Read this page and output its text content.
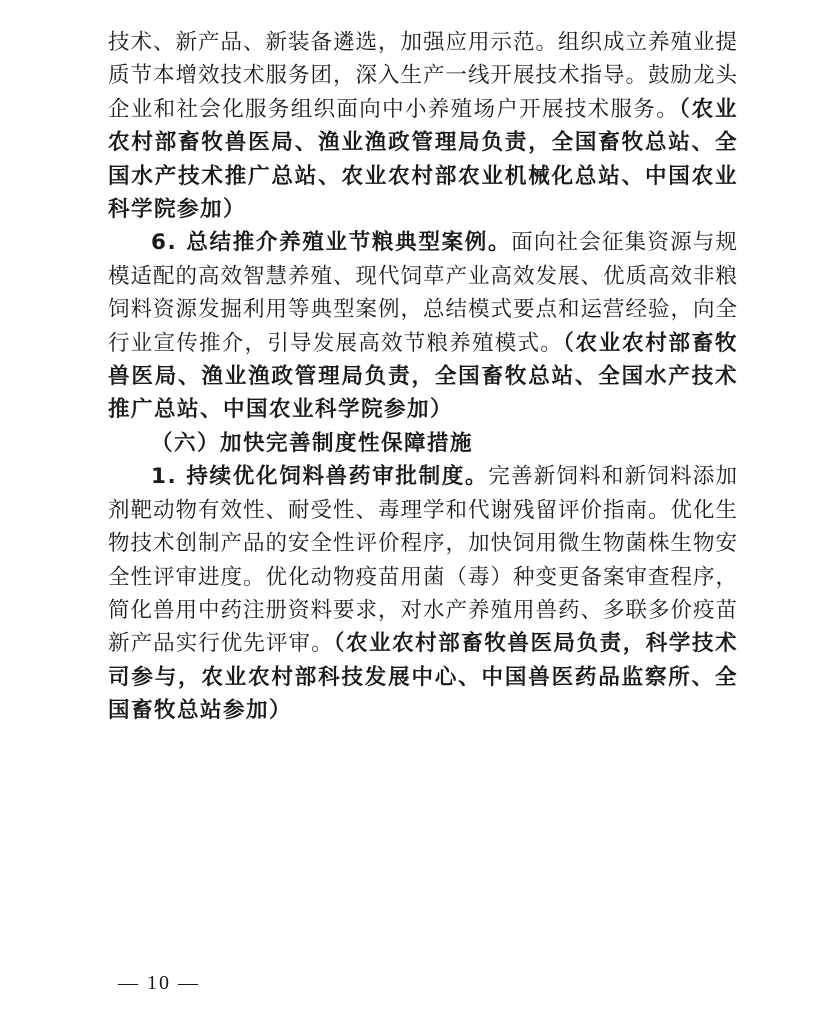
技术、新产品、新装备遴选，加强应用示范。组织成立养殖业提质节本增效技术服务团，深入生产一线开展技术指导。鼓励龙头企业和社会化服务组织面向中小养殖场户开展技术服务。（农业农村部畜牧兽医局、渔业渔政管理局负责，全国畜牧总站、全国水产技术推广总站、农业农村部农业机械化总站、中国农业科学院参加）

6. 总结推介养殖业节粮典型案例。面向社会征集资源与规模适配的高效智慧养殖、现代饲草产业高效发展、优质高效非粮饲料资源发掘利用等典型案例，总结模式要点和运营经验，向全行业宣传推介，引导发展高效节粮养殖模式。（农业农村部畜牧兽医局、渔业渔政管理局负责，全国畜牧总站、全国水产技术推广总站、中国农业科学院参加）

（六）加快完善制度性保障措施

1. 持续优化饲料兽药审批制度。完善新饲料和新饲料添加剂靶动物有效性、耐受性、毒理学和代谢残留评价指南。优化生物技术创制产品的安全性评价程序，加快饲用微生物菌株生物安全性评审进度。优化动物疫苗用菌（毒）种变更备案审查程序，简化兽用中药注册资料要求，对水产养殖用兽药、多联多价疫苗新产品实行优先评审。（农业农村部畜牧兽医局负责，科学技术司参与，农业农村部科技发展中心、中国兽医药品监察所、全国畜牧总站参加）

— 10 —
